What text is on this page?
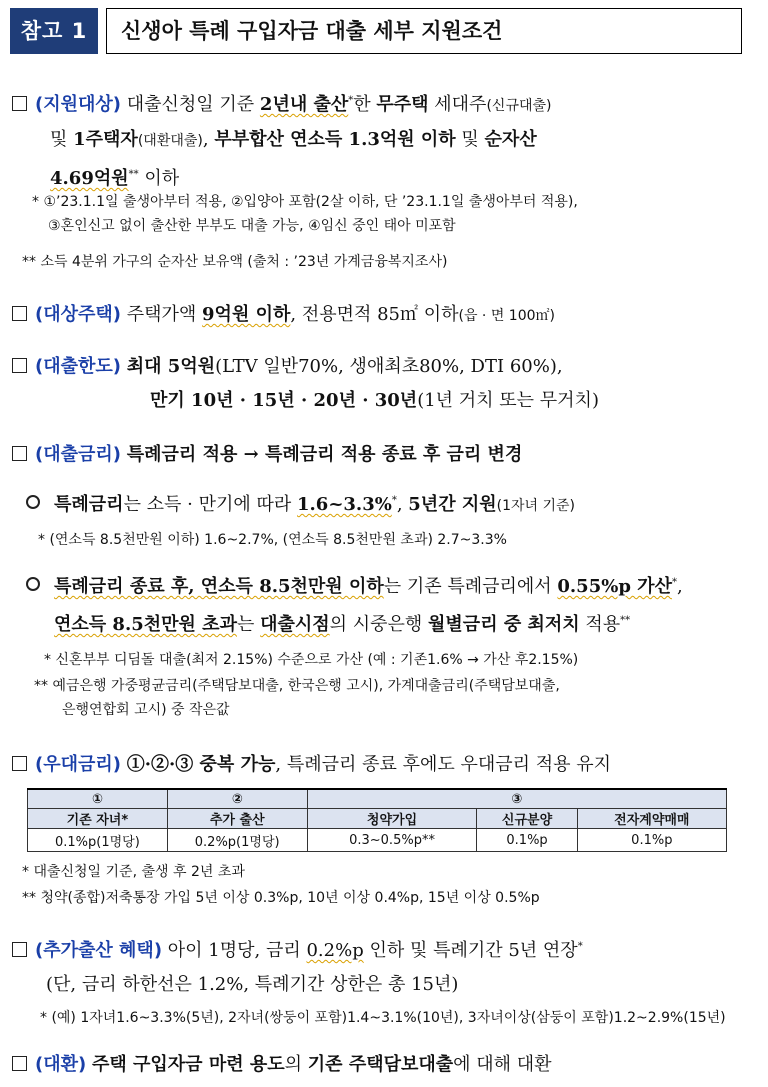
참고 1	신생아 특례 구입자금 대출 세부 지원조건
(지원대상) 대출신청일 기준 2년내 출산*한 무주택 세대주(신규대출)
및 1주택자(대환대출), 부부합산 연소득 1.3억원 이하 및 순자산
4.69억원** 이하
* ①’23.1.1일 출생아부터 적용, ②입양아 포함(2살 이하, 단 ’23.1.1일 출생아부터 적용),
③혼인신고 없이 출산한 부부도 대출 가능, ④임신 중인 태아 미포함
** 소득 4분위 가구의 순자산 보유액 (출처 : ’23년 가계금융복지조사)
(대상주택) 주택가액 9억원 이하, 전용면적 85㎡ 이하(읍 · 면 100㎡)
(대출한도) 최대 5억원(LTV 일반70%, 생애최초80%, DTI 60%),
만기 10년 · 15년 · 20년 · 30년(1년 거치 또는 무거치)
(대출금리) 특례금리 적용 → 특례금리 적용 종료 후 금리 변경
특례금리는 소득 · 만기에 따라 1.6~3.3%*, 5년간 지원(1자녀 기준)
* (연소득 8.5천만원 이하) 1.6~2.7%, (연소득 8.5천만원 초과) 2.7~3.3%
특례금리 종료 후, 연소득 8.5천만원 이하는 기존 특례금리에서 0.55%p 가산*,
연소득 8.5천만원 초과는 대출시점의 시중은행 월별금리 중 최저치 적용**
* 신혼부부 디딤돌 대출(최저 2.15%) 수준으로 가산 (예 : 기존1.6% → 가산 후2.15%)
** 예금은행 가중평균금리(주택담보대출, 한국은행 고시), 가계대출금리(주택담보대출,
은행연합회 고시) 중 작은값
(우대금리) ①·②·③ 중복 가능, 특례금리 종료 후에도 우대금리 적용 유지
①	②	③		
기존 자녀*	추가 출산	청약가입	신규분양	전자계약매매
0.1%p(1명당)	0.2%p(1명당)	0.3~0.5%p**	0.1%p	0.1%p
* 대출신청일 기준, 출생 후 2년 초과
** 청약(종합)저축통장 가입 5년 이상 0.3%p, 10년 이상 0.4%p, 15년 이상 0.5%p
(추가출산 혜택) 아이 1명당, 금리 0.2%p 인하 및 특례기간 5년 연장*
(단, 금리 하한선은 1.2%, 특례기간 상한은 총 15년)
* (예) 1자녀1.6~3.3%(5년), 2자녀(쌍둥이 포함)1.4~3.1%(10년), 3자녀이상(삼둥이 포함)1.2~2.9%(15년)
(대환) 주택 구입자금 마련 용도의 기존 주택담보대출에 대해 대환
